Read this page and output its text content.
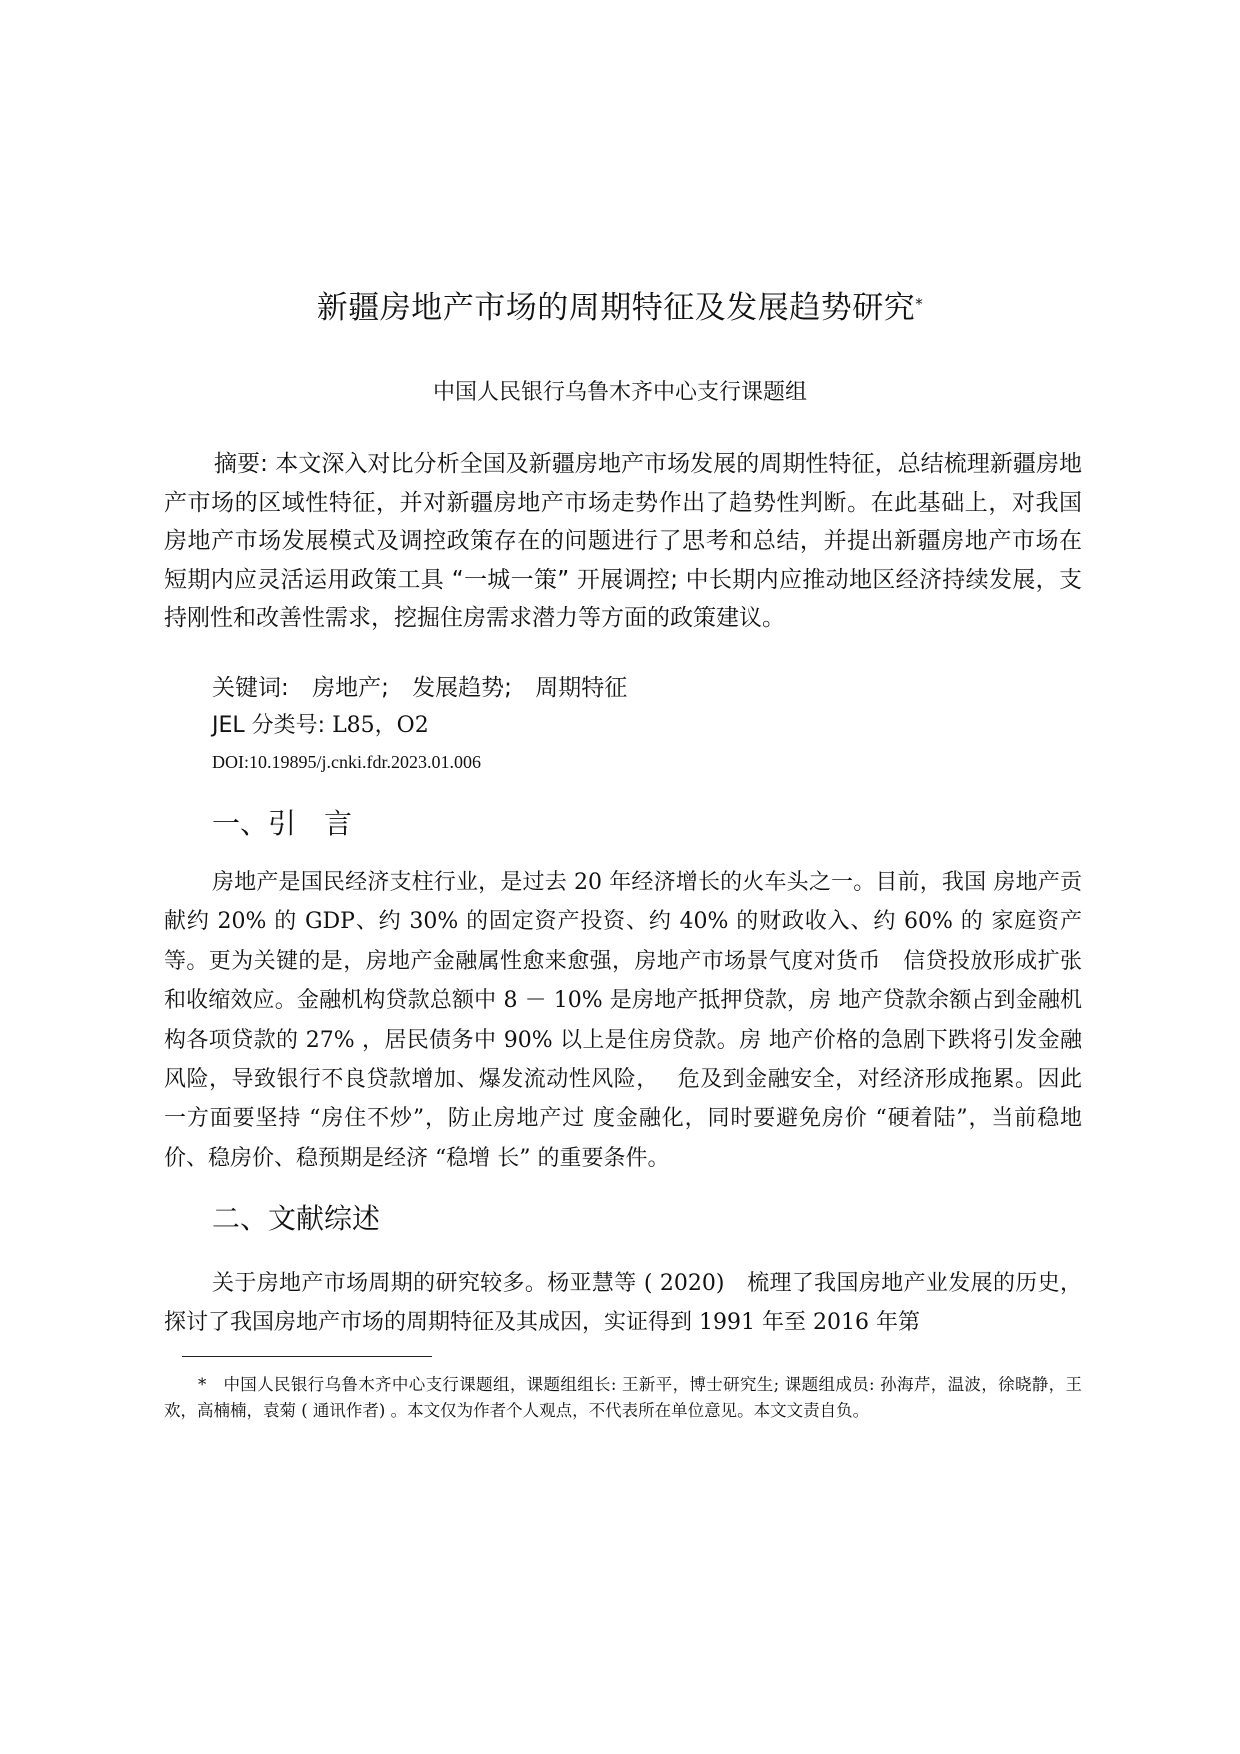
新疆房地产市场的周期特征及发展趋势研究*
中国人民银行乌鲁木齐中心支行课题组

摘要: 本文深入对比分析全国及新疆房地产市场发展的周期性特征，总结梳理新疆房地产市场的区域性特征，并对新疆房地产市场走势作出了趋势性判断。在此基础上，对我国房地产市场发展模式及调控政策存在的问题进行了思考和总结，并提出新疆房地产市场在短期内应灵活运用政策工具 “一城一策” 开展调控; 中长期内应推动地区经济持续发展，支持刚性和改善性需求，挖掘住房需求潜力等方面的政策建议。

关键词: 房地产; 发展趋势; 周期特征
JEL 分类号: L85，O2
DOI:10.19895/j.cnki.fdr.2023.01.006
一、引　言

房地产是国民经济支柱行业，是过去 20 年经济增长的火车头之一。目前，我国 房地产贡献约 20% 的 GDP、约 30% 的固定资产投资、约 40% 的财政收入、约 60% 的 家庭资产等。更为关键的是，房地产金融属性愈来愈强，房地产市场景气度对货币　信贷投放形成扩张和收缩效应。金融机构贷款总额中 8 － 10% 是房地产抵押贷款，房 地产贷款余额占到金融机构各项贷款的 27% ，居民债务中 90% 以上是住房贷款。房 地产价格的急剧下跌将引发金融风险，导致银行不良贷款增加、爆发流动性风险，　 危及到金融安全，对经济形成拖累。因此一方面要坚持 “房住不炒”，防止房地产过 度金融化，同时要避免房价 “硬着陆”，当前稳地价、稳房价、稳预期是经济 “稳增 长” 的重要条件。

二、文献综述

关于房地产市场周期的研究较多。杨亚慧等 ( 2020)　梳理了我国房地产业发展的历史，探讨了我国房地产市场的周期特征及其成因，实证得到 1991 年至 2016 年第

*　中国人民银行乌鲁木齐中心支行课题组，课题组组长: 王新平，博士研究生; 课题组成员: 孙海芹，温波，徐晓静，王欢，高楠楠，袁菊 ( 通讯作者) 。本文仅为作者个人观点，不代表所在单位意见。本文文责自负。
